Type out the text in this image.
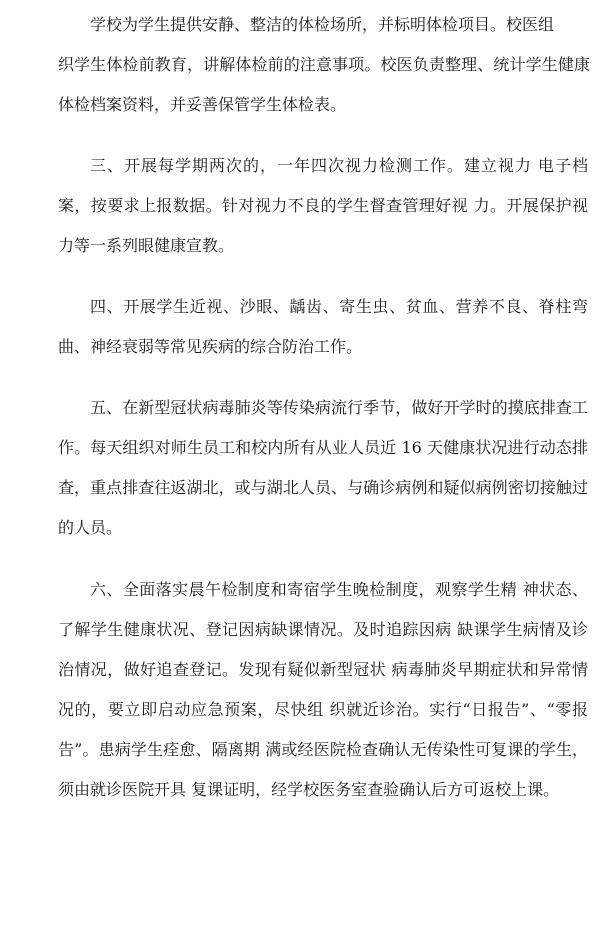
学校为学生提供安静、整洁的体检场所，并标明体检项目。校医组

织学生体检前教育，讲解体检前的注意事项。校医负责整理、统计学生健康体检档案资料，并妥善保管学生体检表。

三、开展每学期两次的，一年四次视力检测工作。建立视力 电子档案，按要求上报数据。针对视力不良的学生督查管理好视 力。开展保护视力等一系列眼健康宣教。

四、开展学生近视、沙眼、龋齿、寄生虫、贫血、营养不良、脊柱弯曲、神经衰弱等常见疾病的综合防治工作。

五、在新型冠状病毒肺炎等传染病流行季节，做好开学时的摸底排查工作。每天组织对师生员工和校内所有从业人员近 16 天健康状况进行动态排查，重点排查往返湖北，或与湖北人员、与确诊病例和疑似病例密切接触过的人员。

六、全面落实晨午检制度和寄宿学生晚检制度，观察学生精 神状态、了解学生健康状况、登记因病缺课情况。及时追踪因病 缺课学生病情及诊治情况，做好追查登记。发现有疑似新型冠状 病毒肺炎早期症状和异常情况的，要立即启动应急预案，尽快组 织就近诊治。实行“日报告”、“零报告”。患病学生痊愈、隔离期 满或经医院检查确认无传染性可复课的学生，须由就诊医院开具 复课证明，经学校医务室查验确认后方可返校上课。
